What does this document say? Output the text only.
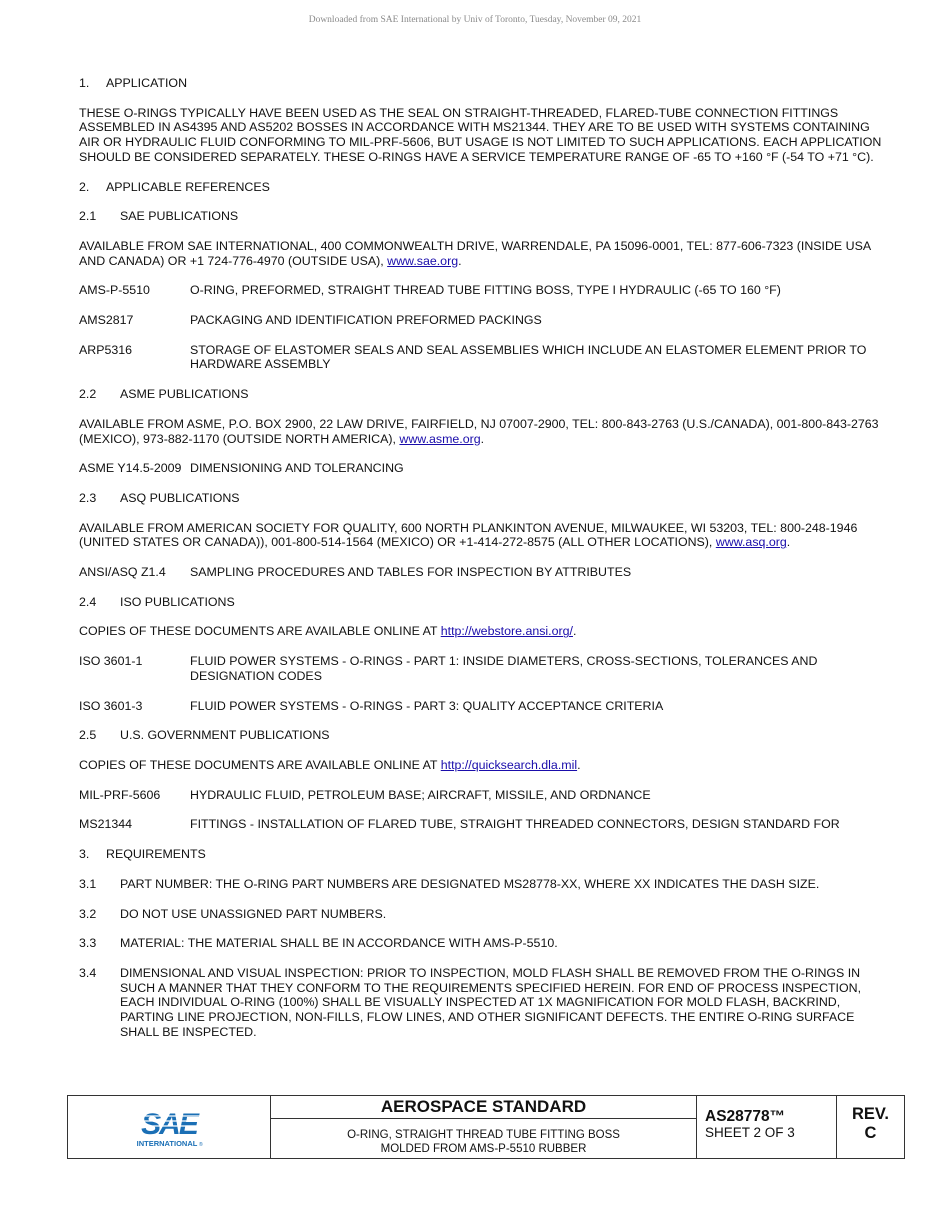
Downloaded from SAE International by Univ of Toronto, Tuesday, November 09, 2021
1.	APPLICATION

THESE O-RINGS TYPICALLY HAVE BEEN USED AS THE SEAL ON STRAIGHT-THREADED, FLARED-TUBE CONNECTION FITTINGS ASSEMBLED IN AS4395 AND AS5202 BOSSES IN ACCORDANCE WITH MS21344. THEY ARE TO BE USED WITH SYSTEMS CONTAINING AIR OR HYDRAULIC FLUID CONFORMING TO MIL-PRF-5606, BUT USAGE IS NOT LIMITED TO SUCH APPLICATIONS. EACH APPLICATION SHOULD BE CONSIDERED SEPARATELY. THESE O-RINGS HAVE A SERVICE TEMPERATURE RANGE OF -65 TO +160 °F (-54 TO +71 °C).

2.	APPLICABLE REFERENCES
2.1	SAE PUBLICATIONS

AVAILABLE FROM SAE INTERNATIONAL, 400 COMMONWEALTH DRIVE, WARRENDALE, PA 15096-0001, TEL: 877-606-7323 (INSIDE USA AND CANADA) OR +1 724-776-4970 (OUTSIDE USA), www.sae.org.

AMS-P-5510	O-RING, PREFORMED, STRAIGHT THREAD TUBE FITTING BOSS, TYPE I HYDRAULIC (-65 TO 160 °F)
AMS2817	PACKAGING AND IDENTIFICATION PREFORMED PACKINGS
ARP5316	STORAGE OF ELASTOMER SEALS AND SEAL ASSEMBLIES WHICH INCLUDE AN ELASTOMER ELEMENT PRIOR TO HARDWARE ASSEMBLY
2.2	ASME PUBLICATIONS

AVAILABLE FROM ASME, P.O. BOX 2900, 22 LAW DRIVE, FAIRFIELD, NJ 07007-2900, TEL: 800-843-2763 (U.S./CANADA), 001-800-843-2763 (MEXICO), 973-882-1170 (OUTSIDE NORTH AMERICA), www.asme.org.

ASME Y14.5-2009 DIMENSIONING AND TOLERANCING
2.3	ASQ PUBLICATIONS

AVAILABLE FROM AMERICAN SOCIETY FOR QUALITY, 600 NORTH PLANKINTON AVENUE, MILWAUKEE, WI 53203, TEL: 800-248-1946 (UNITED STATES OR CANADA)), 001-800-514-1564 (MEXICO) OR +1-414-272-8575 (ALL OTHER LOCATIONS), www.asq.org.

ANSI/ASQ Z1.4	SAMPLING PROCEDURES AND TABLES FOR INSPECTION BY ATTRIBUTES
2.4	ISO PUBLICATIONS

COPIES OF THESE DOCUMENTS ARE AVAILABLE ONLINE AT http://webstore.ansi.org/.

ISO 3601-1	FLUID POWER SYSTEMS - O-RINGS - PART 1: INSIDE DIAMETERS, CROSS-SECTIONS, TOLERANCES AND DESIGNATION CODES
ISO 3601-3	FLUID POWER SYSTEMS - O-RINGS - PART 3: QUALITY ACCEPTANCE CRITERIA
2.5	U.S. GOVERNMENT PUBLICATIONS

COPIES OF THESE DOCUMENTS ARE AVAILABLE ONLINE AT http://quicksearch.dla.mil.

MIL-PRF-5606	HYDRAULIC FLUID, PETROLEUM BASE; AIRCRAFT, MISSILE, AND ORDNANCE
MS21344	FITTINGS - INSTALLATION OF FLARED TUBE, STRAIGHT THREADED CONNECTORS, DESIGN STANDARD FOR
3.	REQUIREMENTS
3.1	PART NUMBER: THE O-RING PART NUMBERS ARE DESIGNATED MS28778-XX, WHERE XX INDICATES THE DASH SIZE.
3.2	DO NOT USE UNASSIGNED PART NUMBERS.
3.3	MATERIAL: THE MATERIAL SHALL BE IN ACCORDANCE WITH AMS-P-5510.
3.4	DIMENSIONAL AND VISUAL INSPECTION: PRIOR TO INSPECTION, MOLD FLASH SHALL BE REMOVED FROM THE O-RINGS IN SUCH A MANNER THAT THEY CONFORM TO THE REQUIREMENTS SPECIFIED HEREIN. FOR END OF PROCESS INSPECTION, EACH INDIVIDUAL O-RING (100%) SHALL BE VISUALLY INSPECTED AT 1X MAGNIFICATION FOR MOLD FLASH, BACKRIND, PARTING LINE PROJECTION, NON-FILLS, FLOW LINES, AND OTHER SIGNIFICANT DEFECTS. THE ENTIRE O-RING SURFACE SHALL BE INSPECTED.
SAE
INTERNATIONAL ®
AEROSPACE STANDARD
O-RING, STRAIGHT THREAD TUBE FITTING BOSS
MOLDED FROM AMS-P-5510 RUBBER
AS28778™
SHEET 2 OF 3
REV.
C
